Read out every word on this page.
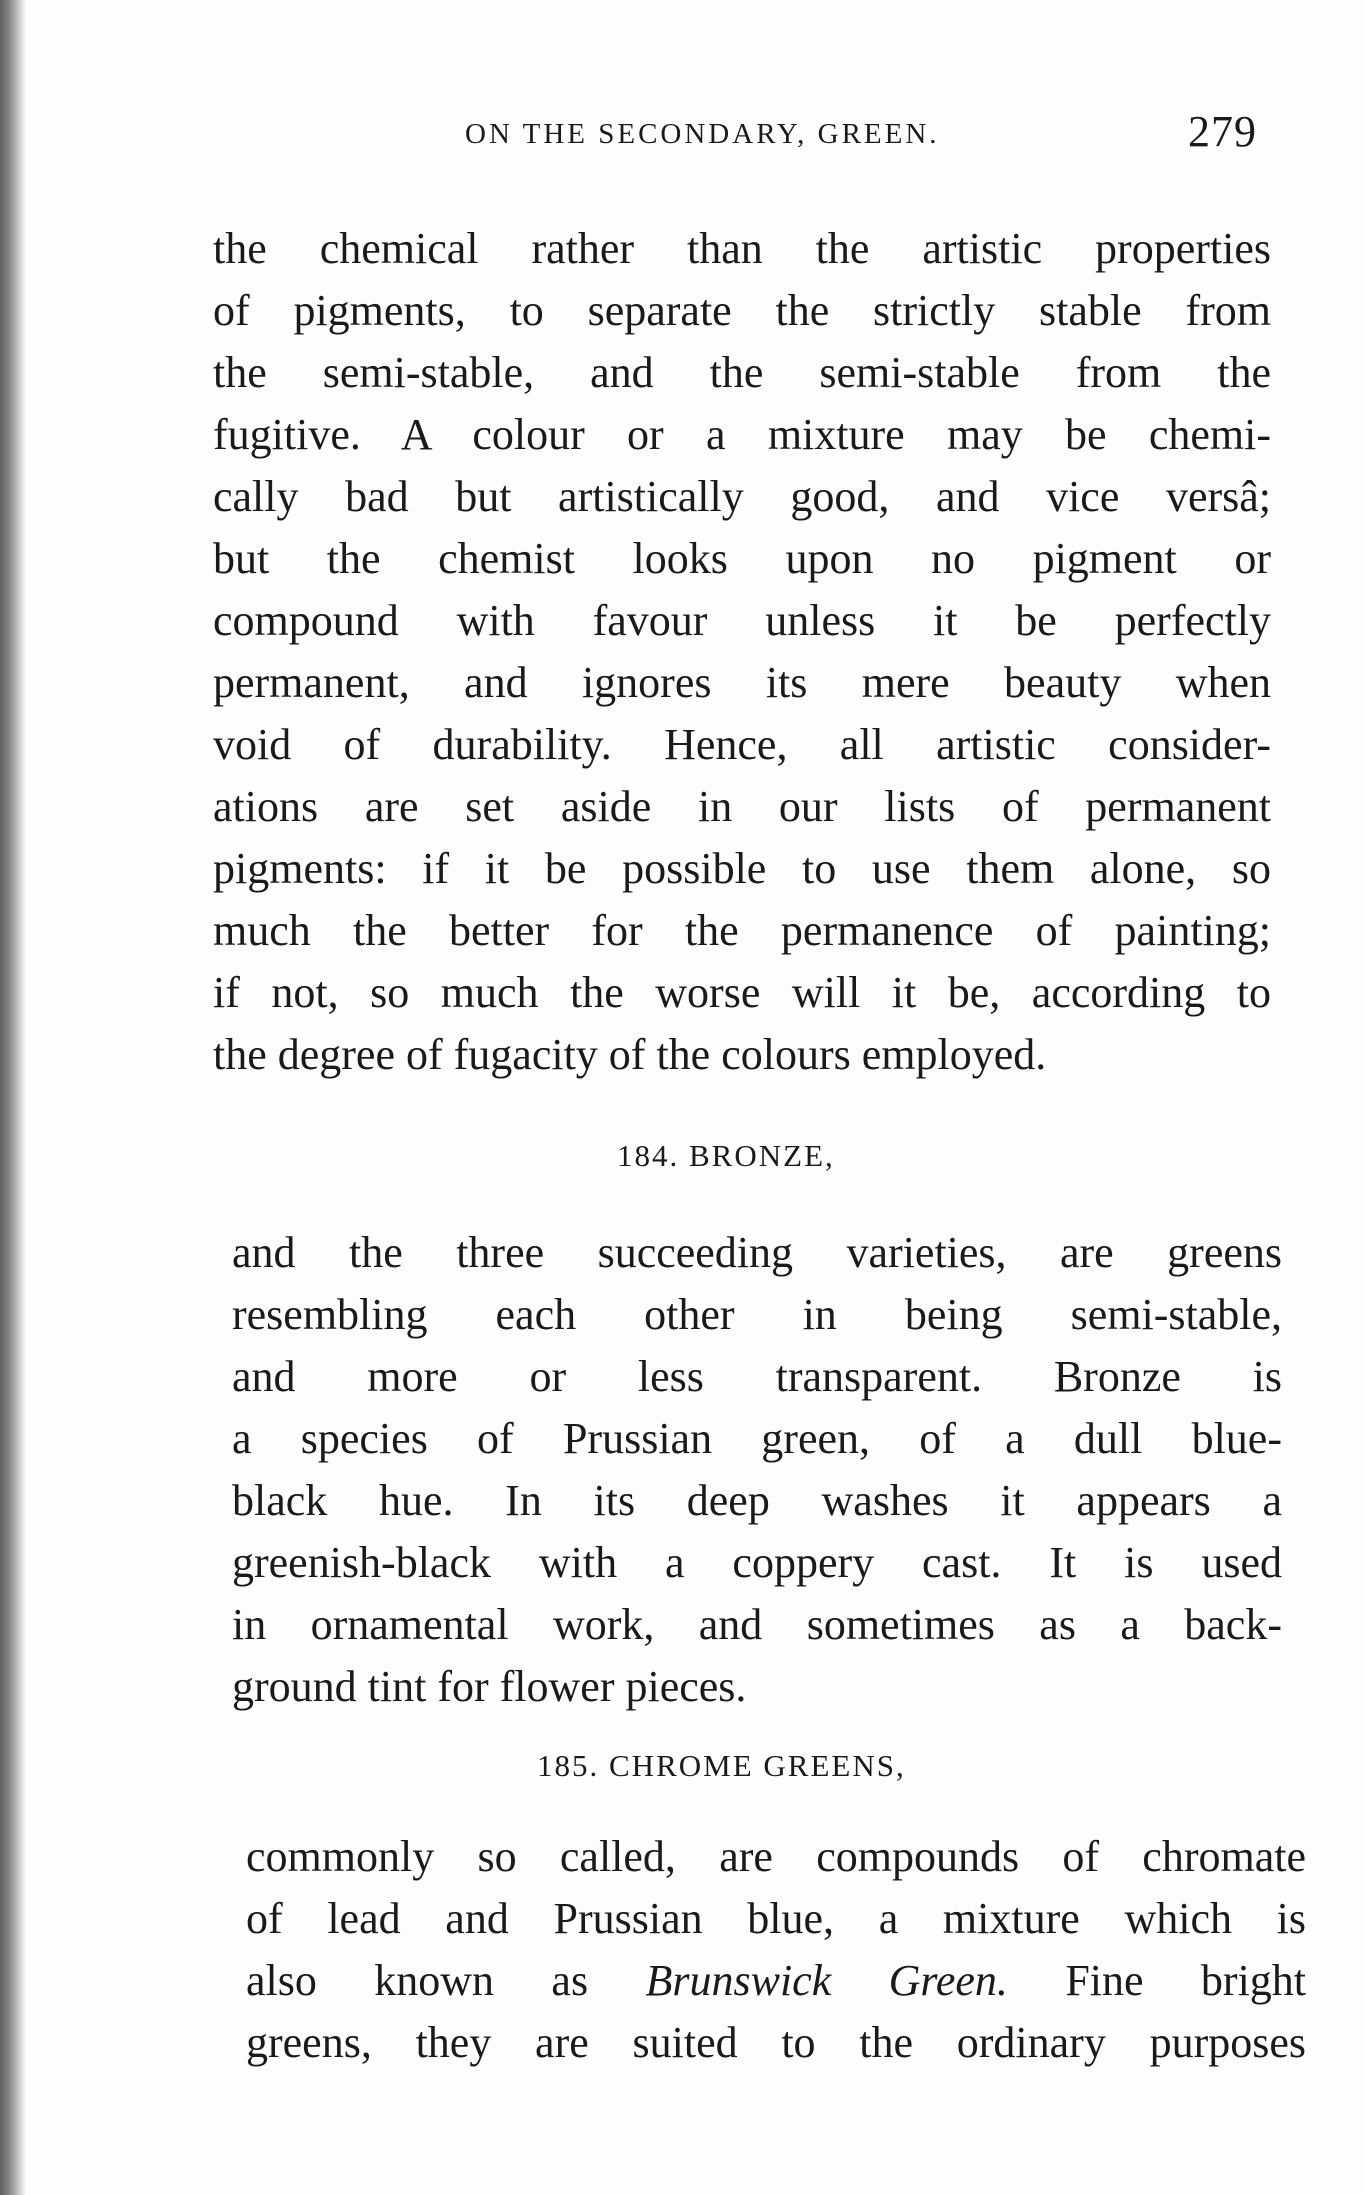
ON THE SECONDARY, GREEN.	279
the chemical rather than the artistic properties
of pigments, to separate the strictly stable from
the semi-stable, and the semi-stable from the
fugitive. A colour or a mixture may be chemi-
cally bad but artistically good, and vice versâ;
but the chemist looks upon no pigment or
compound with favour unless it be perfectly
permanent, and ignores its mere beauty when
void of durability. Hence, all artistic consider-
ations are set aside in our lists of permanent
pigments: if it be possible to use them alone, so
much the better for the permanence of painting;
if not, so much the worse will it be, according to
the degree of fugacity of the colours employed.
184. BRONZE,
and the three succeeding varieties, are greens
resembling each other in being semi-stable,
and more or less transparent. Bronze is
a species of Prussian green, of a dull blue-
black hue. In its deep washes it appears a
greenish-black with a coppery cast. It is used
in ornamental work, and sometimes as a back-
ground tint for flower pieces.
185. CHROME GREENS,
commonly so called, are compounds of chromate
of lead and Prussian blue, a mixture which is
also known as Brunswick Green. Fine bright
greens, they are suited to the ordinary purposes
